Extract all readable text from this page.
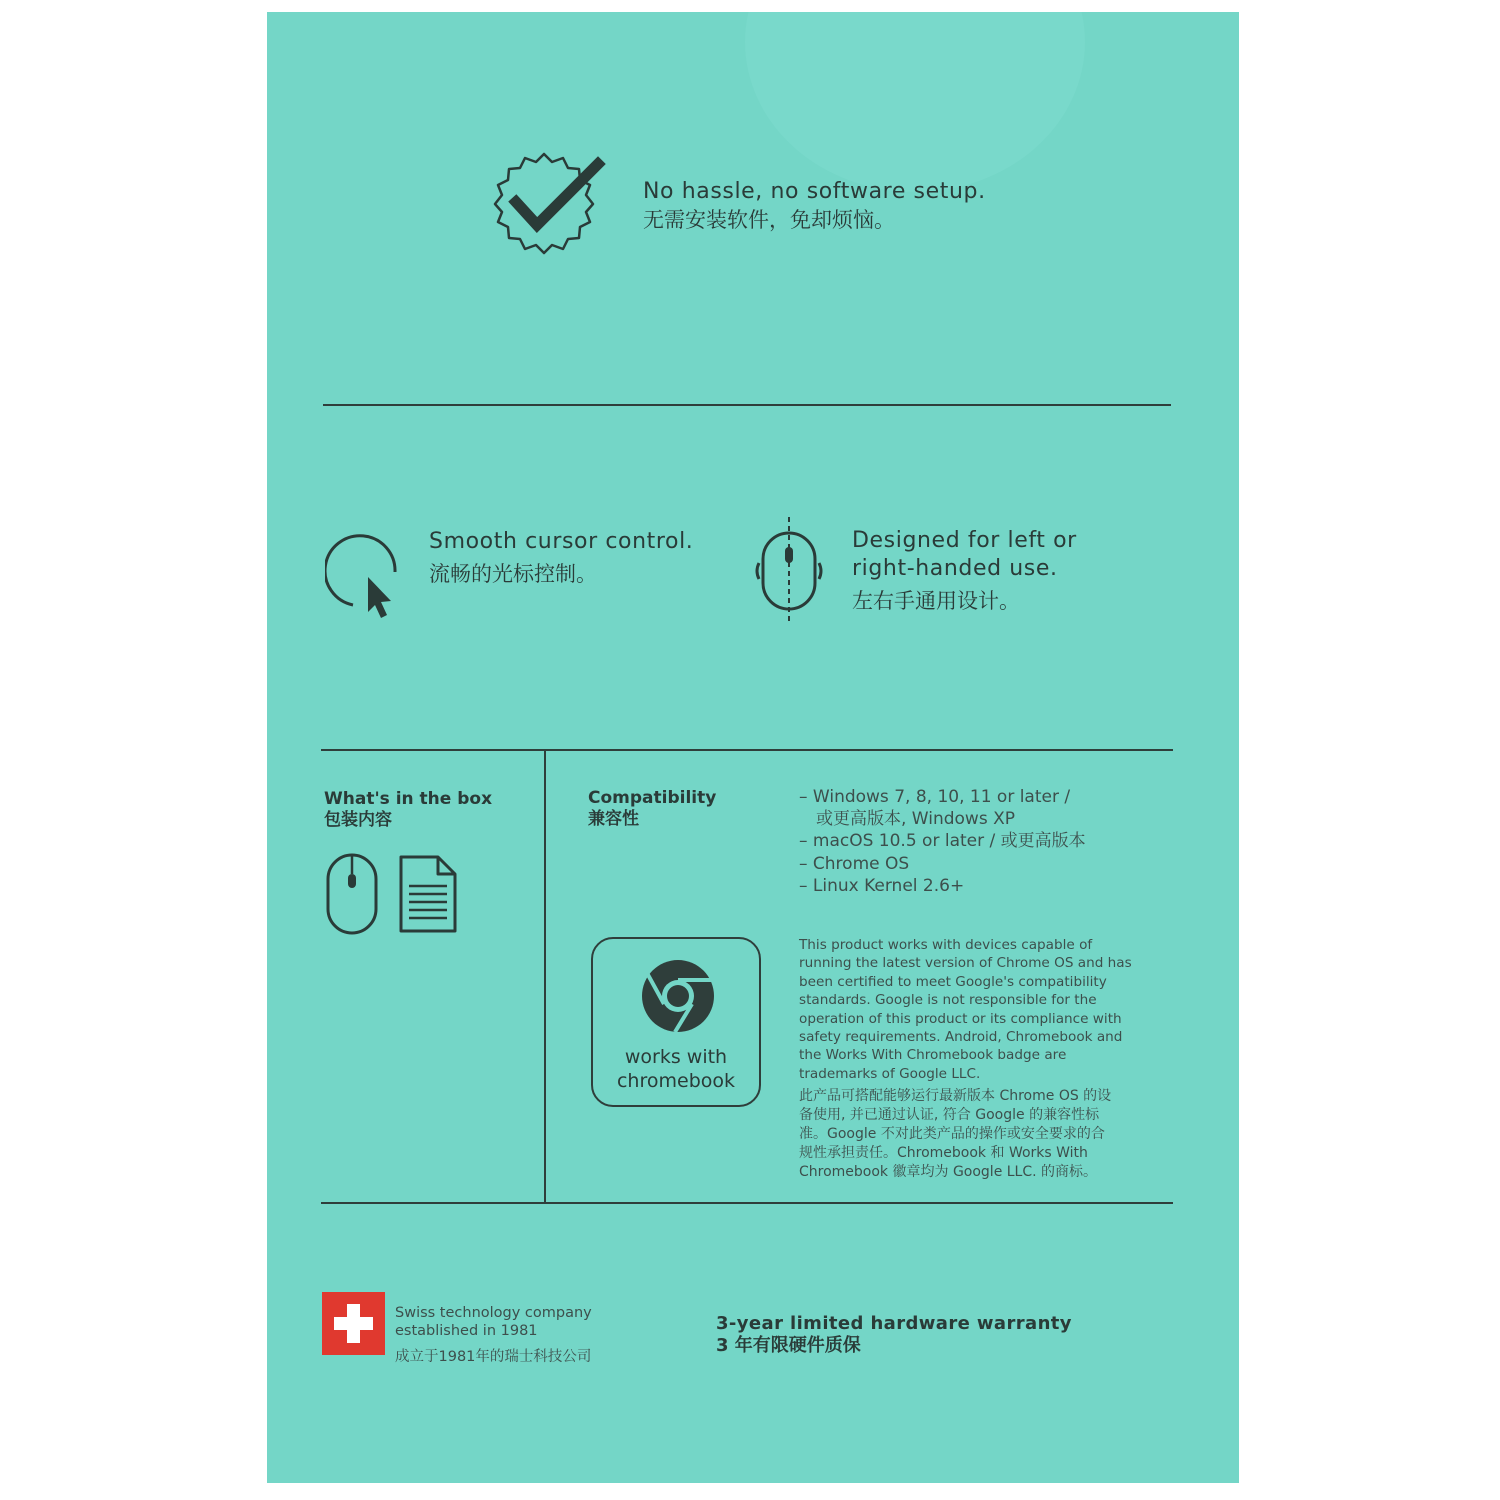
No hassle, no software setup.
无需安装软件，免却烦恼。
Smooth cursor control.
流畅的光标控制。
Designed for left or
right-handed use.
左右手通用设计。
What's in the box
包装内容
Compatibility
兼容性
– Windows 7, 8, 10, 11 or later /
或更高版本, Windows XP
– macOS 10.5 or later / 或更高版本
– Chrome OS
– Linux Kernel 2.6+
works with
chromebook
This product works with devices capable of
running the latest version of Chrome OS and has
been certified to meet Google's compatibility
standards. Google is not responsible for the
operation of this product or its compliance with
safety requirements. Android, Chromebook and
the Works With Chromebook badge are
trademarks of Google LLC.
此产品可搭配能够运行最新版本 Chrome OS 的设
备使用, 并已通过认证, 符合 Google 的兼容性标
准。Google 不对此类产品的操作或安全要求的合
规性承担责任。Chromebook 和 Works With
Chromebook 徽章均为 Google LLC. 的商标。
Swiss technology company
established in 1981
成立于1981年的瑞士科技公司
3-year limited hardware warranty
3 年有限硬件质保
